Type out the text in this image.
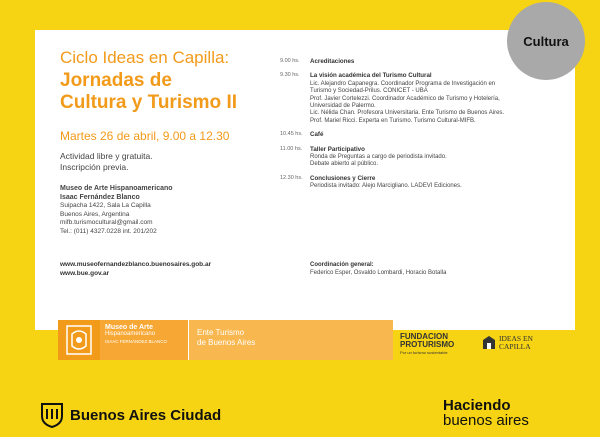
Cultura
Ciclo Ideas en Capilla:
Jornadas de
Cultura y Turismo II
Martes 26 de abril, 9.00 a 12.30
Actividad libre y gratuita.
Inscripción previa.
Museo de Arte Hispanoamericano
Isaac Fernández Blanco
Suipacha 1422, Sala La Capilla
Buenos Aires, Argentina
mifb.turismocultural@gmail.com
Tel.: (011) 4327.0228 int. 201/202
www.museofernandezblanco.buenosaires.gob.ar
www.bue.gov.ar
9.00 hs.	Acreditaciones
9.30 hs.	La visión académica del Turismo Cultural
Lic. Alejandro Capanegra. Coordinador Programa de Investigación en
Turismo y Sociedad-Prilus. CONICET - UBA
Prof. Javier Cortelezzi. Coordinador Académico de Turismo y Hotelería,
Universidad de Palermo.
Lic. Nélida Chan. Profesora Universitaria. Ente Turismo de Buenos Aires.
Prof. Mariel Ricci. Experta en Turismo. Turismo Cultural-MIFB.
10.45 hs.	Café
11.00 hs.	Taller Participativo
Ronda de Preguntas a cargo de periodista invitado.
Debate abierto al público.
12.30 hs.	Conclusiones y Cierre
Periodista invitado: Alejo Marcigliano. LADEVI Ediciones.
Coordinación general:
Federico Esper, Osvaldo Lombardi, Horacio Botalla
Museo de Arte
Hispanoamericano
ISAAC FERNÁNDEZ BLANCO
Ente Turismo
de Buenos Aires
FUNDACION
PROTURISMO
Por un turismo sustentable
IDEAS EN
CAPILLA
Buenos Aires Ciudad
Haciendo
buenos aires
